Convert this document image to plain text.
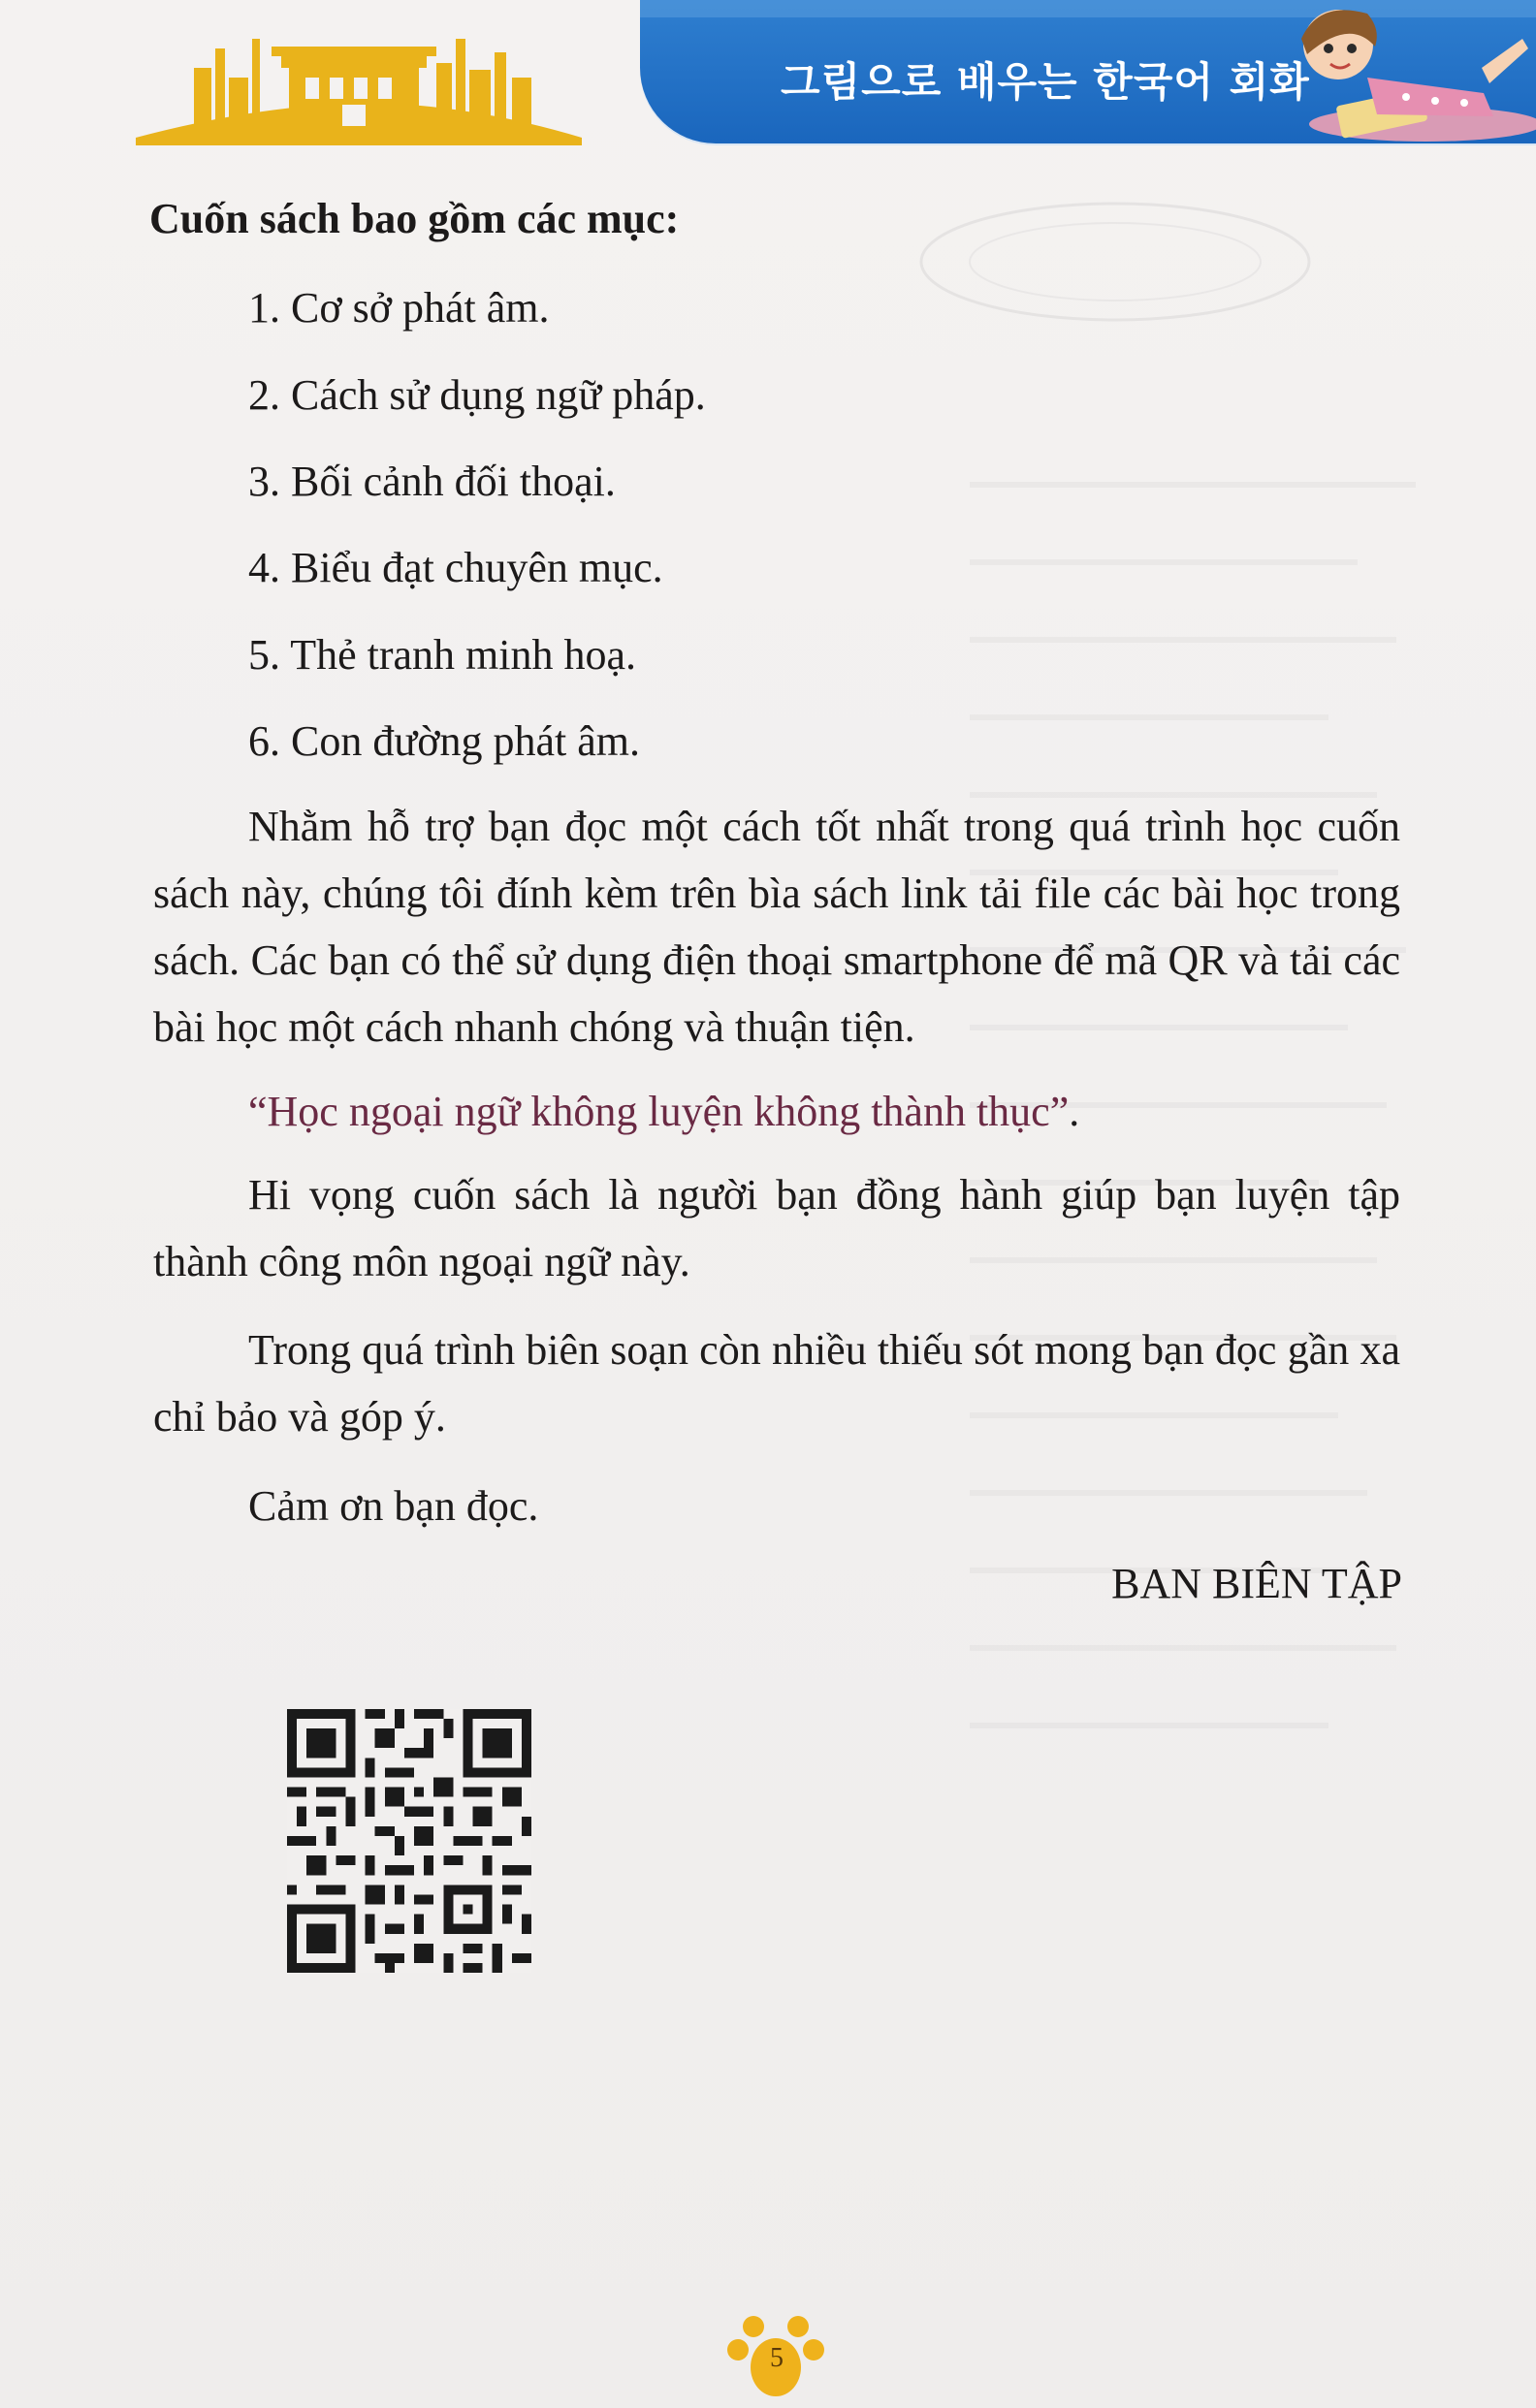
그림으로 배우는 한국어 회화
Cuốn sách bao gồm các mục:
1. Cơ sở phát âm.
2. Cách sử dụng ngữ pháp.
3. Bối cảnh đối thoại.
4. Biểu đạt chuyên mục.
5. Thẻ tranh minh hoạ.
6. Con đường phát âm.

Nhằm hỗ trợ bạn đọc một cách tốt nhất trong quá trình học cuốn sách này, chúng tôi đính kèm trên bìa sách link tải file các bài học trong sách. Các bạn có thể sử dụng điện thoại smartphone để mã QR và tải các bài học một cách nhanh chóng và thuận tiện.

“Học ngoại ngữ không luyện không thành thục”.

Hi vọng cuốn sách là người bạn đồng hành giúp bạn luyện tập thành công môn ngoại ngữ này.

Trong quá trình biên soạn còn nhiều thiếu sót mong bạn đọc gần xa chỉ bảo và góp ý.

Cảm ơn bạn đọc.
BAN BIÊN TẬP
5
